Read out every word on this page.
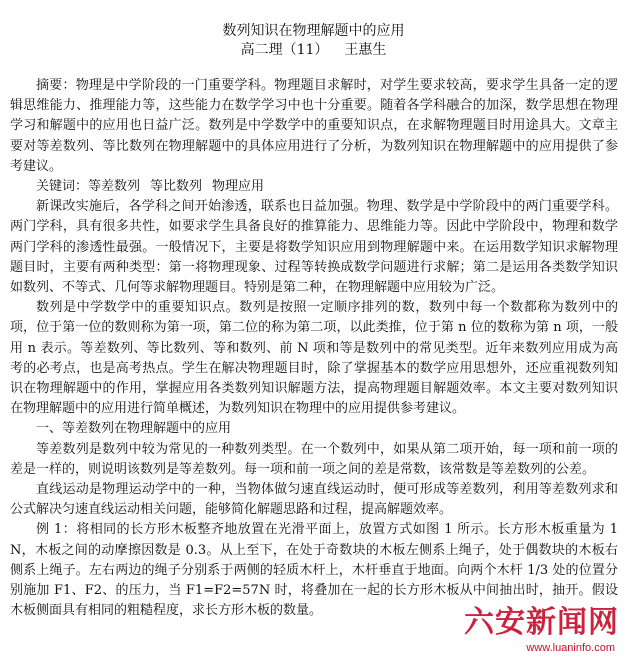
数列知识在物理解题中的应用
高二理（11） 王惠生

摘要：物理是中学阶段的一门重要学科。物理题目求解时，对学生要求较高，要求学生具备一定的逻辑思维能力、推理能力等，这些能力在数学学习中也十分重要。随着各学科融合的加深，数学思想在物理学习和解题中的应用也日益广泛。数列是中学数学中的重要知识点，在求解物理题目时用途具大。文章主要对等差数列、等比数列在物理解题中的具体应用进行了分析，为数列知识在物理解题中的应用提供了参考建议。

关键词：等差数列 等比数列 物理应用

新课改实施后，各学科之间开始渗透，联系也日益加强。物理、数学是中学阶段中的两门重要学科。两门学科，具有很多共性，如要求学生具备良好的推算能力、思维能力等。因此中学阶段中，物理和数学两门学科的渗透性最强。一般情况下，主要是将数学知识应用到物理解题中来。在运用数学知识求解物理题目时，主要有两种类型：第一将物理现象、过程等转换成数学问题进行求解；第二是运用各类数学知识如数列、不等式、几何等求解物理题目。特别是第二种，在物理解题中应用较为广泛。

数列是中学数学中的重要知识点。数列是按照一定顺序排列的数，数列中每一个数都称为数列中的项，位于第一位的数则称为第一项，第二位的称为第二项，以此类推，位于第 n 位的数称为第 n 项，一般用 n 表示。等差数列、等比数列、等和数列、前 N 项和等是数列中的常见类型。近年来数列应用成为高考的必考点，也是高考热点。学生在解决物理题目时，除了掌握基本的数学应用思想外，还应重视数列知识在物理解题中的作用，掌握应用各类数列知识解题方法，提高物理题目解题效率。本文主要对数列知识在物理解题中的应用进行简单概述，为数列知识在物理中的应用提供参考建议。

一、等差数列在物理解题中的应用

等差数列是数列中较为常见的一种数列类型。在一个数列中，如果从第二项开始，每一项和前一项的差是一样的，则说明该数列是等差数列。每一项和前一项之间的差是常数，该常数是等差数列的公差。

直线运动是物理运动学中的一种，当物体做匀速直线运动时，便可形成等差数列，利用等差数列求和公式解决匀速直线运动相关问题，能够简化解题思路和过程，提高解题效率。

例 1：将相同的长方形木板整齐地放置在光滑平面上，放置方式如图 1 所示。长方形木板重量为 1 N，木板之间的动摩擦因数是 0.3。从上至下，在处于奇数块的木板左侧系上绳子，处于偶数块的木板右侧系上绳子。左右两边的绳子分别系于两侧的轻质木杆上，木杆垂直于地面。向两个木杆 1/3 处的位置分别施加 F1、F2、的压力，当 F1=F2=57N 时，将叠加在一起的长方形木板从中间抽出时，抽开。假设木板侧面具有相同的粗糙程度，求长方形木板的数量。	六安新闻网
www.luaninfo.com
